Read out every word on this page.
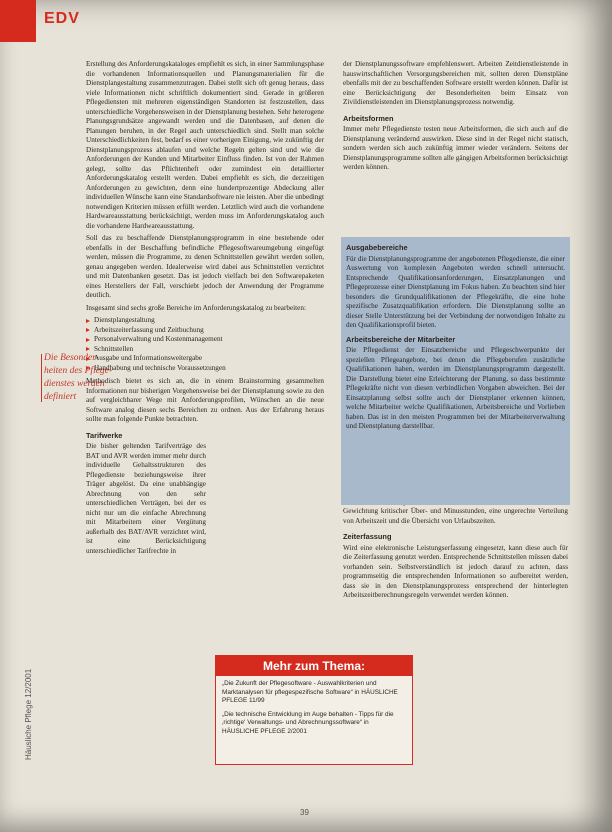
EDV
Die Besonder- heiten des Pflege- dienstes werden definiert

Erstellung des Anforderungskataloges empfiehlt es sich, in einer Sammlungsphase die vorhandenen Informationsquellen und Planungsmaterialien für die Dienstplangestaltung zusammenzutragen. Dabei stellt sich oft genug heraus, dass viele Informationen nicht schriftlich dokumentiert sind. Gerade in größeren Pflegediensten mit mehreren eigenständigen Standorten ist festzustellen, dass unterschiedliche Vorgehensweisen in der Dienstplanung bestehen. Sehr heterogene Planungsgrundsätze angewandt werden und die Datenbasen, auf denen die Planungen beruhen, in der Regel auch unterschiedlich sind. Stellt man solche Unterschiedlichkeiten fest, bedarf es einer vorherigen Einigung, wie zukünftig der Dienstplanungsprozess ablaufen und welche Regeln gelten sind und wie die Anforderungen der Kunden und Mitarbeiter Einfluss finden. Ist von der Rahmen gelegt, sollte das Pflichtenheft oder zumindest ein detaillierter Anforderungskatalog erstellt werden. Dabei empfiehlt es sich, die derzeitigen Anforderungen zu gewichten, denn eine hundertprozentige Abdeckung aller individuellen Wünsche kann eine Standardsoftware nie leisten. Aber die unbedingt notwendigen Kriterien müssen erfüllt werden. Letztlich wird auch die vorhandene Hardwareausstattung berücksichtigt, werden muss im Anforderungskatalog auch die vorhandene Hardwareausstattung.

Soll das zu beschaffende Dienstplanungsprogramm in eine bestehende oder ebenfalls in der Beschaffung befindliche Pflegesoftwareumgebung eingefügt werden, müssen die Programme, zu denen Schnittstellen gewährt werden sollen, genau angegeben werden. Idealerweise wird dabei aus Schnittstellen verzichtet und mit Datenbanken gesetzt. Das ist jedoch vielfach bei den Softwarepaketen eines Herstellers der Fall, verschiebt jedoch der Anwendung der Programme deutlich.

Insgesamt sind sechs große Bereiche im Anforderungskatalog zu bearbeiten:

Dienstplangestaltung
Arbeitszeiterfassung und Zeitbuchung
Personalverwaltung und Kostenmanagement
Schnittstellen
Ausgabe und Informationsweitergabe
Handhabung und technische Voraussetzungen

Methodisch bietet es sich an, die in einem Brainstorming gesammelten Informationen nur bisherigen Vorgehensweise bei der Dienstplanung sowie zu den auf vergleichbarer Wege mit Anforderungsprofilen, Wünschen an die neue Software analog diesen sechs Bereichen zu ordnen. Aus der Erfahrung heraus sollte man folgende Punkte betrachten.

Tarifwerke

Die bisher geltenden Tarifverträge des BAT und AVR werden immer mehr durch individuelle Gehaltsstrukturen des Pflegedienste beziehungsweise ihrer Träger abgelöst. Da eine unabhängige Abrechnung von den sehr unterschiedlichen Verträgen, bei der es nicht nur um die einfache Abrechnung mit Mitarbeitern einer Vergütung außerhalb des BAT/AVR verzichtet wird, ist eine Berücksichtigung unterschiedlicher Tarifrechte in

der Dienstplanungssoftware empfehlenswert. Arbeiten Zeitdienstleistende in hauswirtschaftlichen Versorgungsbereichen mit, sollten deren Dienstpläne ebenfalls mit der zu beschaffenden Software erstellt werden können. Dafür ist eine Berücksichtigung der Besonderheiten beim Einsatz von Zivildienstleistenden im Dienstplanungsprozess notwendig.

Arbeitsformen

Immer mehr Pflegedienste testen neue Arbeitsformen, die sich auch auf die Dienstplanung verändernd auswirken. Diese sind in der Regel nicht statisch, sondern werden sich auch zukünftig immer wieder verändern. Seitens der Dienstplanungsprogramme sollten alle gängigen Arbeitsformen berücksichtigt werden können.

Gewichtung kritischer Über- und Minusstunden, eine ungerechte Verteilung von Arbeitszeit und die Übersicht von Urlaubszeiten.

Zeiterfassung

Wird eine elektronische Leistungserfassung eingesetzt, kann diese auch für die Zeiterfassung genutzt werden. Entsprechende Schnittstellen müssen dabei vorhanden sein. Selbstverständlich ist jedoch darauf zu achten, dass programmseitig die entsprechenden Informationen so aufbereitet werden, dass sie in den Dienstplanungsprozess entsprechend der hinterlegten Arbeitszeitberechnungsregeln verwendet werden können.

Ausgabebereiche

Für die Dienstplanungsprogramme der angebotenen Pflegedienste, die einer Auswertung von komplexen Angeboten werden schnell untersucht. Entsprechende Qualifikationsanforderungen, Einsatzplanungen und Pflegeprozesse einer Dienstplanung im Fokus haben. Zu beachten sind hier besonders die Grundqualifikationen der Pflegekräfte, die eine hohe spezifische Zusatzqualifikation erfordern. Die Dienstplanung sollte an dieser Stelle Unterstützung bei der Verbindung der notwendigen Inhalte zu den Qualifikationsprofil bieten.

Arbeitsbereiche der Mitarbeiter

Die Pflegedienst der Einsatzbereiche und Pflegeschwerpunkte der speziellen Pflegeangebote, bei denen die Pflegeberufen zusätzliche Qualifikationen haben, werden im Dienstplanungsprogramm dargestellt. Die Darstellung bietet eine Erleichterung der Planung, so dass bestimmte Pflegekräfte nicht von diesen verbindlichen Vorgaben abweichen. Bei der Einsatzplanung selbst sollte auch der Dienstplaner erkennen können, welche Mitarbeiter welche Qualifikationen, Arbeitsbereiche und Vorlieben haben. Das ist in den meisten Programmen bei der Mitarbeiterverwaltung und Dienstplanung darstellbar.

Häusliche Pflege 12/2001
Mehr zum Thema:

„Die Zukunft der Pflegesoftware - Auswahlkriterien und Marktanalysen für pflegespezifische Software“ in HÄUSLICHE PFLEGE 11/99

„Die technische Entwicklung im Auge behalten - Tipps für die ‚richtige‘ Verwaltungs- und Abrechnungssoftware“ in HÄUSLICHE PFLEGE 2/2001

39
